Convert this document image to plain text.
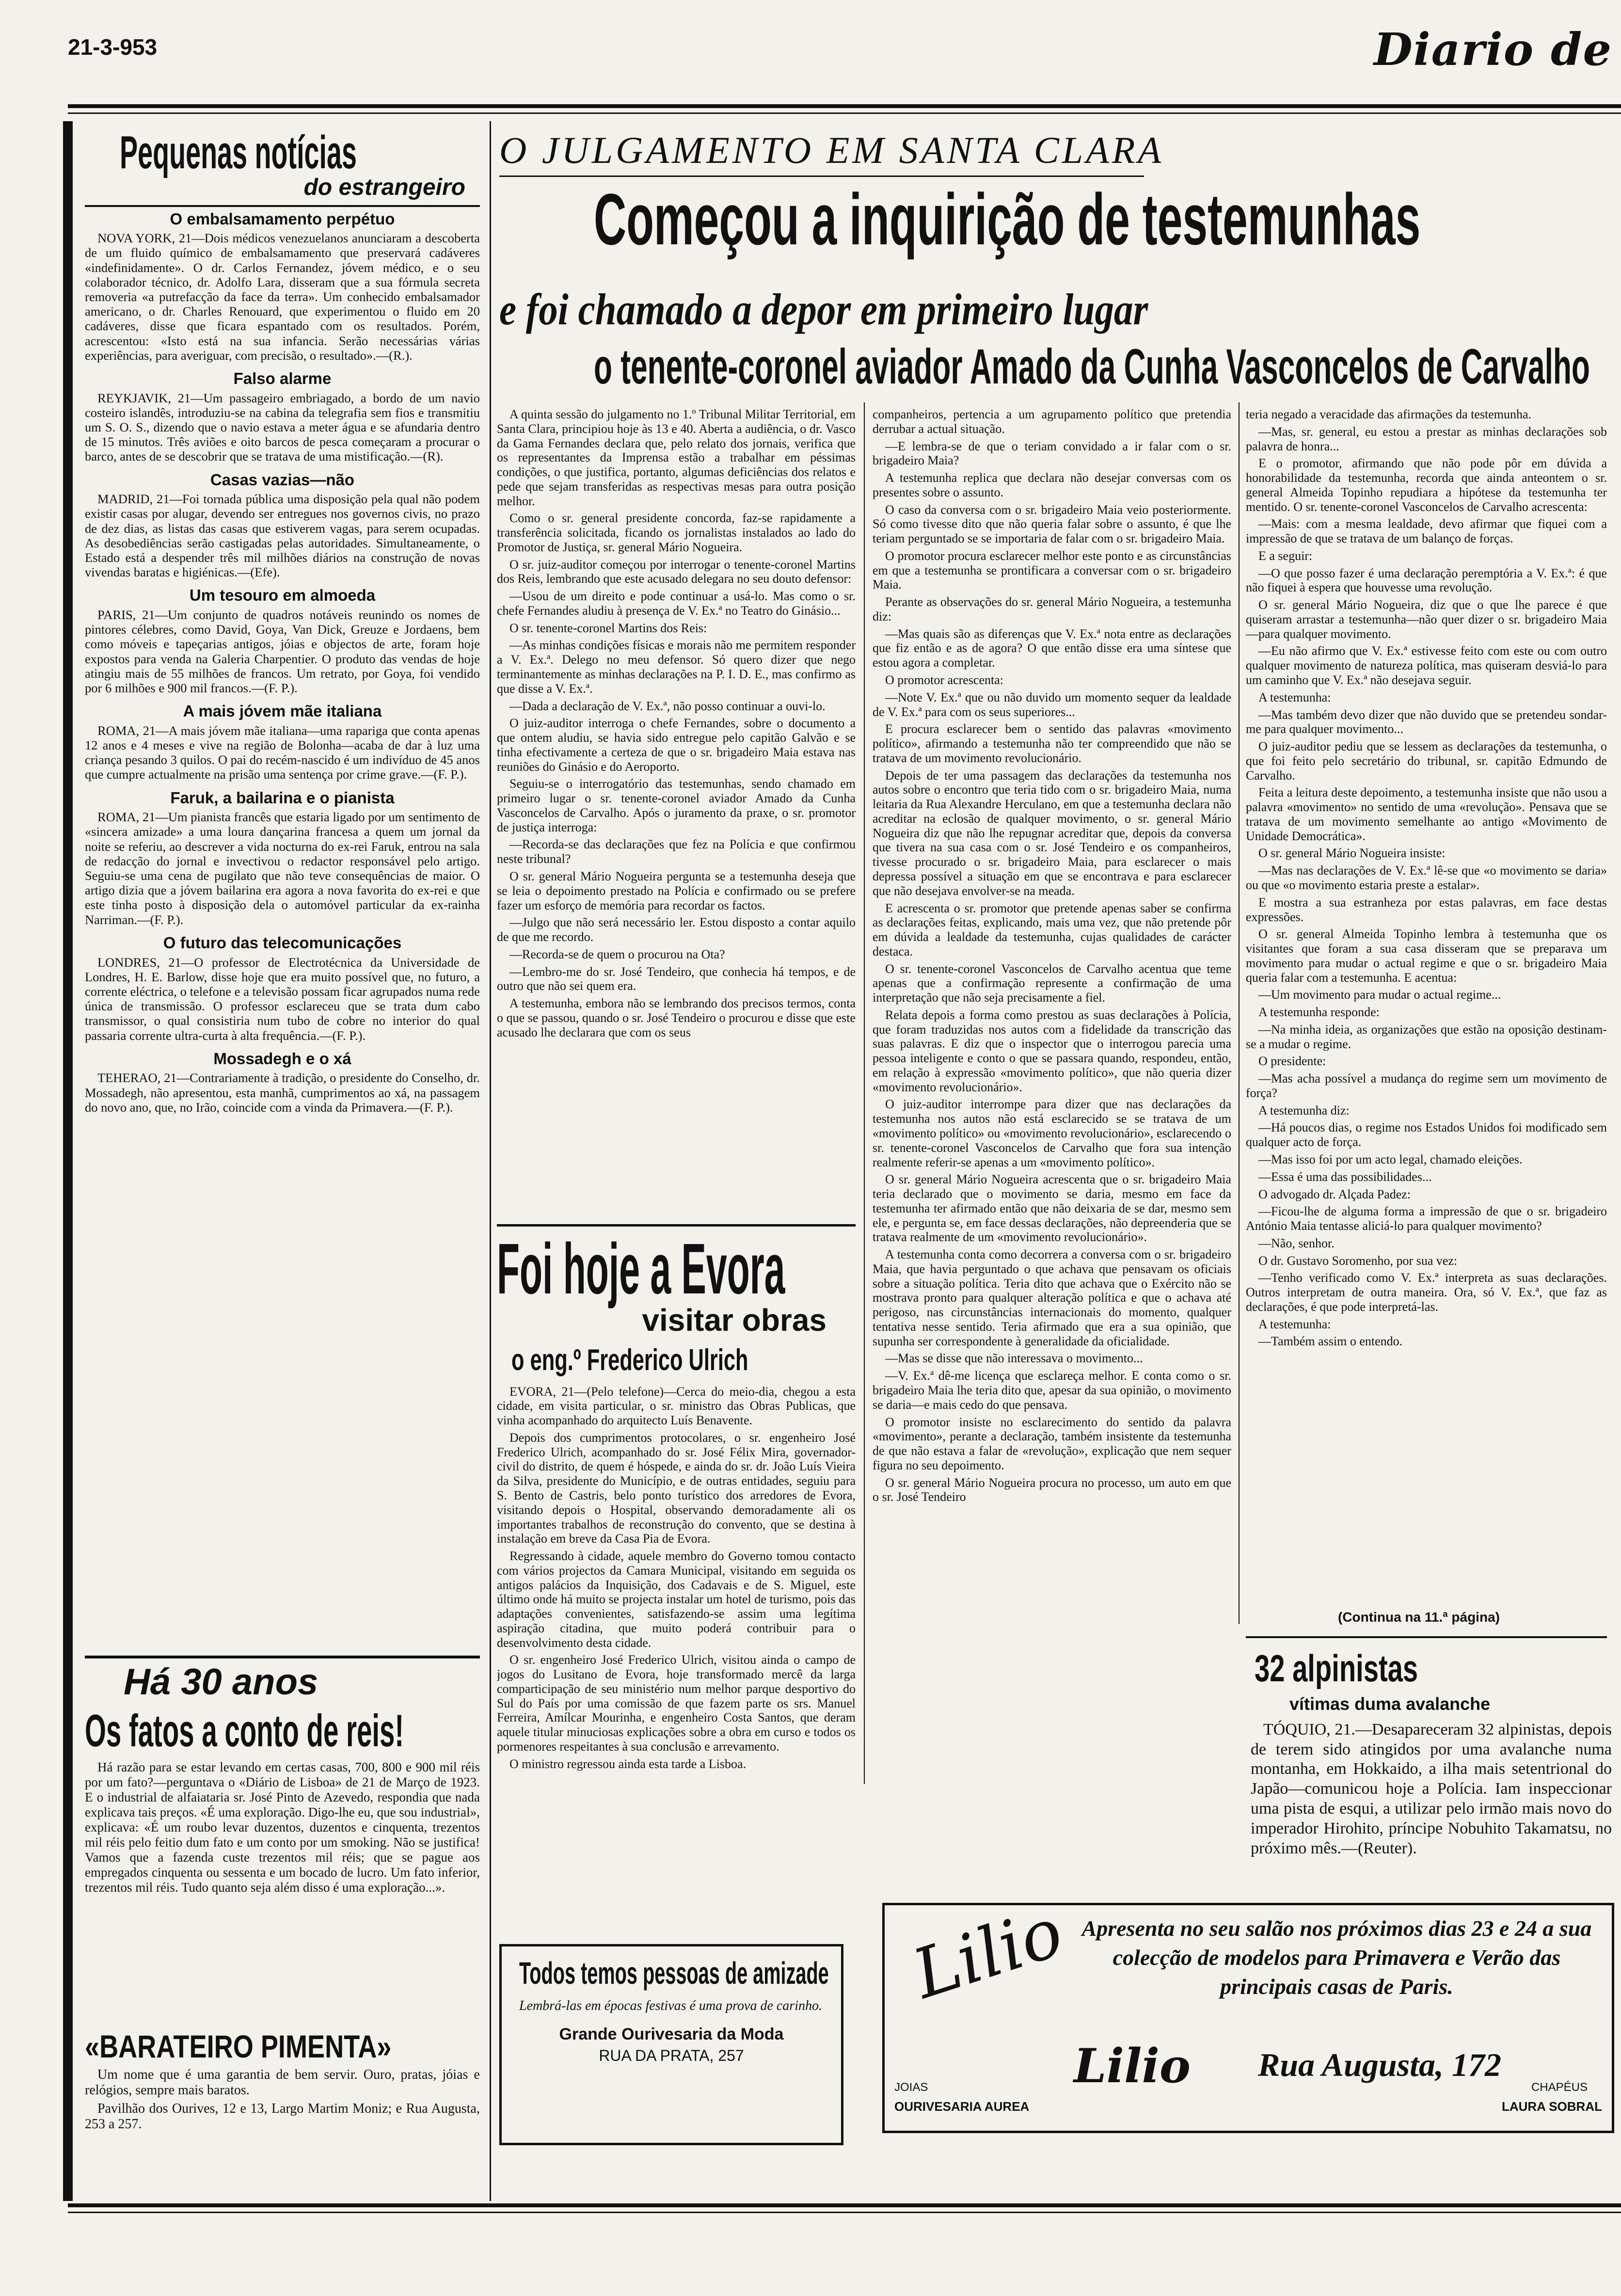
21-3-953	Diario de
Pequenas notícias
do estrangeiro
O embalsamamento perpétuo

NOVA YORK, 21—Dois médicos venezuelanos anunciaram a descoberta de um fluido químico de embalsamamento que preservará cadáveres «indefinidamente». O dr. Carlos Fernandez, jóvem médico, e o seu colaborador técnico, dr. Adolfo Lara, disseram que a sua fórmula secreta removeria «a putrefacção da face da terra». Um conhecido embalsamador americano, o dr. Charles Renouard, que experimentou o fluido em 20 cadáveres, disse que ficara espantado com os resultados. Porém, acrescentou: «Isto está na sua infancia. Serão necessárias várias experiências, para averiguar, com precisão, o resultado».—(R.).

Falso alarme

REYKJAVIK, 21—Um passageiro embriagado, a bordo de um navio costeiro islandês, introduziu-se na cabina da telegrafia sem fios e transmitiu um S. O. S., dizendo que o navio estava a meter água e se afundaria dentro de 15 minutos. Três aviões e oito barcos de pesca começaram a procurar o barco, antes de se descobrir que se tratava de uma mistificação.—(R).

Casas vazias—não

MADRID, 21—Foi tornada pública uma disposição pela qual não podem existir casas por alugar, devendo ser entregues nos governos civis, no prazo de dez dias, as listas das casas que estiverem vagas, para serem ocupadas. As desobediências serão castigadas pelas autoridades. Simultaneamente, o Estado está a despender três mil milhões diários na construção de novas vivendas baratas e higiénicas.—(Efe).

Um tesouro em almoeda

PARIS, 21—Um conjunto de quadros notáveis reunindo os nomes de pintores célebres, como David, Goya, Van Dick, Greuze e Jordaens, bem como móveis e tapeçarias antigos, jóias e objectos de arte, foram hoje expostos para venda na Galeria Charpentier. O produto das vendas de hoje atingiu mais de 55 milhões de francos. Um retrato, por Goya, foi vendido por 6 milhões e 900 mil francos.—(F. P.).

A mais jóvem mãe italiana

ROMA, 21—A mais jóvem mãe italiana—uma rapariga que conta apenas 12 anos e 4 meses e vive na região de Bolonha—acaba de dar à luz uma criança pesando 3 quilos. O pai do recém-nascido é um indivíduo de 45 anos que cumpre actualmente na prisão uma sentença por crime grave.—(F. P.).

Faruk, a bailarina e o pianista

ROMA, 21—Um pianista francês que estaria ligado por um sentimento de «sincera amizade» a uma loura dançarina francesa a quem um jornal da noite se referiu, ao descrever a vida nocturna do ex-rei Faruk, entrou na sala de redacção do jornal e invectivou o redactor responsável pelo artigo. Seguiu-se uma cena de pugilato que não teve consequências de maior. O artigo dizia que a jóvem bailarina era agora a nova favorita do ex-rei e que este tinha posto à disposição dela o automóvel particular da ex-rainha Narriman.—(F. P.).

O futuro das telecomunicações

LONDRES, 21—O professor de Electrotécnica da Universidade de Londres, H. E. Barlow, disse hoje que era muito possível que, no futuro, a corrente eléctrica, o telefone e a televisão possam ficar agrupados numa rede única de transmissão. O professor esclareceu que se trata dum cabo transmissor, o qual consistiria num tubo de cobre no interior do qual passaria corrente ultra-curta à alta frequência.—(F. P.).

Mossadegh e o xá

TEHERAO, 21—Contrariamente à tradição, o presidente do Conselho, dr. Mossadegh, não apresentou, esta manhã, cumprimentos ao xá, na passagem do novo ano, que, no Irão, coincide com a vinda da Primavera.—(F. P.).

Há 30 anos
Os fatos a conto de reis!

Há razão para se estar levando em certas casas, 700, 800 e 900 mil réis por um fato?—perguntava o «Diário de Lisboa» de 21 de Março de 1923. E o industrial de alfaiataria sr. José Pinto de Azevedo, respondia que nada explicava tais preços. «É uma exploração. Digo-lhe eu, que sou industrial», explicava: «É um roubo levar duzentos, duzentos e cinquenta, trezentos mil réis pelo feitio dum fato e um conto por um smoking. Não se justifica! Vamos que a fazenda custe trezentos mil réis; que se pague aos empregados cinquenta ou sessenta e um bocado de lucro. Um fato inferior, trezentos mil réis. Tudo quanto seja além disso é uma exploração...».

«BARATEIRO PIMENTA»

Um nome que é uma garantia de bem servir. Ouro, pratas, jóias e relógios, sempre mais baratos.

Pavilhão dos Ourives, 12 e 13, Largo Martim Moniz; e Rua Augusta, 253 a 257.

O JULGAMENTO EM SANTA CLARA
Começou a inquirição de testemunhas
e foi chamado a depor em primeiro lugar
o tenente-coronel aviador Amado da Cunha Vasconcelos de Carvalho

A quinta sessão do julgamento no 1.º Tribunal Militar Territorial, em Santa Clara, principiou hoje às 13 e 40. Aberta a audiência, o dr. Vasco da Gama Fernandes declara que, pelo relato dos jornais, verifica que os representantes da Imprensa estão a trabalhar em péssimas condições, o que justifica, portanto, algumas deficiências dos relatos e pede que sejam transferidas as respectivas mesas para outra posição melhor.

Como o sr. general presidente concorda, faz-se rapidamente a transferência solicitada, ficando os jornalistas instalados ao lado do Promotor de Justiça, sr. general Mário Nogueira.

O sr. juiz-auditor começou por interrogar o tenente-coronel Martins dos Reis, lembrando que este acusado delegara no seu douto defensor:

—Usou de um direito e pode continuar a usá-lo. Mas como o sr. chefe Fernandes aludiu à presença de V. Ex.ª no Teatro do Ginásio...

O sr. tenente-coronel Martins dos Reis:

—As minhas condições físicas e morais não me permitem responder a V. Ex.ª. Delego no meu defensor. Só quero dizer que nego terminantemente as minhas declarações na P. I. D. E., mas confirmo as que disse a V. Ex.ª.

—Dada a declaração de V. Ex.ª, não posso continuar a ouvi-lo.

O juiz-auditor interroga o chefe Fernandes, sobre o documento a que ontem aludiu, se havia sido entregue pelo capitão Galvão e se tinha efectivamente a certeza de que o sr. brigadeiro Maia estava nas reuniões do Ginásio e do Aeroporto.

Seguiu-se o interrogatório das testemunhas, sendo chamado em primeiro lugar o sr. tenente-coronel aviador Amado da Cunha Vasconcelos de Carvalho. Após o juramento da praxe, o sr. promotor de justiça interroga:

—Recorda-se das declarações que fez na Polícia e que confirmou neste tribunal?

O sr. general Mário Nogueira pergunta se a testemunha deseja que se leia o depoimento prestado na Polícia e confirmado ou se prefere fazer um esforço de memória para recordar os factos.

—Julgo que não será necessário ler. Estou disposto a contar aquilo de que me recordo.

—Recorda-se de quem o procurou na Ota?

—Lembro-me do sr. José Tendeiro, que conhecia há tempos, e de outro que não sei quem era.

A testemunha, embora não se lembrando dos precisos termos, conta o que se passou, quando o sr. José Tendeiro o procurou e disse que este acusado lhe declarara que com os seus

companheiros, pertencia a um agrupamento político que pretendia derrubar a actual situação.

—E lembra-se de que o teriam convidado a ir falar com o sr. brigadeiro Maia?

A testemunha replica que declara não desejar conversas com os presentes sobre o assunto.

O caso da conversa com o sr. brigadeiro Maia veio posteriormente. Só como tivesse dito que não queria falar sobre o assunto, é que lhe teriam perguntado se se importaria de falar com o sr. brigadeiro Maia.

O promotor procura esclarecer melhor este ponto e as circunstâncias em que a testemunha se prontificara a conversar com o sr. brigadeiro Maia.

Perante as observações do sr. general Mário Nogueira, a testemunha diz:

—Mas quais são as diferenças que V. Ex.ª nota entre as declarações que fiz então e as de agora? O que então disse era uma síntese que estou agora a completar.

O promotor acrescenta:

—Note V. Ex.ª que ou não duvido um momento sequer da lealdade de V. Ex.ª para com os seus superiores...

E procura esclarecer bem o sentido das palavras «movimento político», afirmando a testemunha não ter compreendido que não se tratava de um movimento revolucionário.

Depois de ter uma passagem das declarações da testemunha nos autos sobre o encontro que teria tido com o sr. brigadeiro Maia, numa leitaria da Rua Alexandre Herculano, em que a testemunha declara não acreditar na eclosão de qualquer movimento, o sr. general Mário Nogueira diz que não lhe repugnar acreditar que, depois da conversa que tivera na sua casa com o sr. José Tendeiro e os companheiros, tivesse procurado o sr. brigadeiro Maia, para esclarecer o mais depressa possível a situação em que se encontrava e para esclarecer que não desejava envolver-se na meada.

E acrescenta o sr. promotor que pretende apenas saber se confirma as declarações feitas, explicando, mais uma vez, que não pretende pôr em dúvida a lealdade da testemunha, cujas qualidades de carácter destaca.

O sr. tenente-coronel Vasconcelos de Carvalho acentua que teme apenas que a confirmação represente a confirmação de uma interpretação que não seja precisamente a fiel.

Relata depois a forma como prestou as suas declarações à Polícia, que foram traduzidas nos autos com a fidelidade da transcrição das suas palavras. E diz que o inspector que o interrogou parecia uma pessoa inteligente e conto o que se passara quando, respondeu, então, em relação à expressão «movimento político», que não queria dizer «movimento revolucionário».

O juiz-auditor interrompe para dizer que nas declarações da testemunha nos autos não está esclarecido se se tratava de um «movimento político» ou «movimento revolucionário», esclarecendo o sr. tenente-coronel Vasconcelos de Carvalho que fora sua intenção realmente referir-se apenas a um «movimento político».

O sr. general Mário Nogueira acrescenta que o sr. brigadeiro Maia teria declarado que o movimento se daria, mesmo em face da testemunha ter afirmado então que não deixaria de se dar, mesmo sem ele, e pergunta se, em face dessas declarações, não depreenderia que se tratava realmente de um «movimento revolucionário».

A testemunha conta como decorrera a conversa com o sr. brigadeiro Maia, que havia perguntado o que achava que pensavam os oficiais sobre a situação política. Teria dito que achava que o Exército não se mostrava pronto para qualquer alteração política e que o achava até perigoso, nas circunstâncias internacionais do momento, qualquer tentativa nesse sentido. Teria afirmado que era a sua opinião, que supunha ser correspondente à generalidade da oficialidade.

—Mas se disse que não interessava o movimento...

—V. Ex.ª dê-me licença que esclareça melhor. E conta como o sr. brigadeiro Maia lhe teria dito que, apesar da sua opinião, o movimento se daria—e mais cedo do que pensava.

O promotor insiste no esclarecimento do sentido da palavra «movimento», perante a declaração, também insistente da testemunha de que não estava a falar de «revolução», explicação que nem sequer figura no seu depoimento.

O sr. general Mário Nogueira procura no processo, um auto em que o sr. José Tendeiro

teria negado a veracidade das afirmações da testemunha.

—Mas, sr. general, eu estou a prestar as minhas declarações sob palavra de honra...

E o promotor, afirmando que não pode pôr em dúvida a honorabilidade da testemunha, recorda que ainda anteontem o sr. general Almeida Topinho repudiara a hipótese da testemunha ter mentido. O sr. tenente-coronel Vasconcelos de Carvalho acrescenta:

—Mais: com a mesma lealdade, devo afirmar que fiquei com a impressão de que se tratava de um balanço de forças.

E a seguir:

—O que posso fazer é uma declaração peremptória a V. Ex.ª: é que não fiquei à espera que houvesse uma revolução.

O sr. general Mário Nogueira, diz que o que lhe parece é que quiseram arrastar a testemunha—não quer dizer o sr. brigadeiro Maia—para qualquer movimento.

—Eu não afirmo que V. Ex.ª estivesse feito com este ou com outro qualquer movimento de natureza política, mas quiseram desviá-lo para um caminho que V. Ex.ª não desejava seguir.

A testemunha:

—Mas também devo dizer que não duvido que se pretendeu sondar-me para qualquer movimento...

O juiz-auditor pediu que se lessem as declarações da testemunha, o que foi feito pelo secretário do tribunal, sr. capitão Edmundo de Carvalho.

Feita a leitura deste depoimento, a testemunha insiste que não usou a palavra «movimento» no sentido de uma «revolução». Pensava que se tratava de um movimento semelhante ao antigo «Movimento de Unidade Democrática».

O sr. general Mário Nogueira insiste:

—Mas nas declarações de V. Ex.ª lê-se que «o movimento se daria» ou que «o movimento estaria preste a estalar».

E mostra a sua estranheza por estas palavras, em face destas expressões.

O sr. general Almeida Topinho lembra à testemunha que os visitantes que foram a sua casa disseram que se preparava um movimento para mudar o actual regime e que o sr. brigadeiro Maia queria falar com a testemunha. E acentua:

—Um movimento para mudar o actual regime...

A testemunha responde:

—Na minha ideia, as organizações que estão na oposição destinam-se a mudar o regime.

O presidente:

—Mas acha possível a mudança do regime sem um movimento de força?

A testemunha diz:

—Há poucos dias, o regime nos Estados Unidos foi modificado sem qualquer acto de força.

—Mas isso foi por um acto legal, chamado eleições.

—Essa é uma das possibilidades...

O advogado dr. Alçada Padez:

—Ficou-lhe de alguma forma a impressão de que o sr. brigadeiro António Maia tentasse aliciá-lo para qualquer movimento?

—Não, senhor.

O dr. Gustavo Soromenho, por sua vez:

—Tenho verificado como V. Ex.ª interpreta as suas declarações. Outros interpretam de outra maneira. Ora, só V. Ex.ª, que faz as declarações, é que pode interpretá-las.

A testemunha:

—Também assim o entendo.

(Continua na 11.ª página)
Foi hoje a Evora
visitar obras
o eng.º Frederico Ulrich

EVORA, 21—(Pelo telefone)—Cerca do meio-dia, chegou a esta cidade, em visita particular, o sr. ministro das Obras Publicas, que vinha acompanhado do arquitecto Luís Benavente.

Depois dos cumprimentos protocolares, o sr. engenheiro José Frederico Ulrich, acompanhado do sr. José Félix Mira, governador-civil do distrito, de quem é hóspede, e ainda do sr. dr. João Luís Vieira da Silva, presidente do Município, e de outras entidades, seguiu para S. Bento de Castris, belo ponto turístico dos arredores de Evora, visitando depois o Hospital, observando demoradamente ali os importantes trabalhos de reconstrução do convento, que se destina à instalação em breve da Casa Pia de Evora.

Regressando à cidade, aquele membro do Governo tomou contacto com vários projectos da Camara Municipal, visitando em seguida os antigos palácios da Inquisição, dos Cadavais e de S. Miguel, este último onde há muito se projecta instalar um hotel de turismo, pois das adaptações convenientes, satisfazendo-se assim uma legítima aspiração citadina, que muito poderá contribuir para o desenvolvimento desta cidade.

O sr. engenheiro José Frederico Ulrich, visitou ainda o campo de jogos do Lusitano de Evora, hoje transformado mercê da larga comparticipação de seu ministério num melhor parque desportivo do Sul do País por uma comissão de que fazem parte os srs. Manuel Ferreira, Amílcar Mourinha, e engenheiro Costa Santos, que deram aquele titular minuciosas explicações sobre a obra em curso e todos os pormenores respeitantes à sua conclusão e arrevamento.

O ministro regressou ainda esta tarde a Lisboa.

Todos temos pessoas de amizade
Lembrá-las em épocas festivas é uma prova de carinho.
Grande Ourivesaria da Moda
RUA DA PRATA, 257
32 alpinistas
vítimas duma avalanche

TÓQUIO, 21.—Desapareceram 32 alpinistas, depois de terem sido atingidos por uma avalanche numa montanha, em Hokkaido, a ilha mais setentrional do Japão—comunicou hoje a Polícia. Iam inspeccionar uma pista de esqui, a utilizar pelo irmão mais novo do imperador Hirohito, príncipe Nobuhito Takamatsu, no próximo mês.—(Reuter).

Lilio Apresenta no seu salão nos próximos dias 23 e 24 a sua colecção de modelos para Primavera e Verão das principais casas de Paris.
Lilio Rua Augusta, 172
JOIAS
OURIVESARIA AUREA
CHAPÉUS
LAURA SOBRAL
